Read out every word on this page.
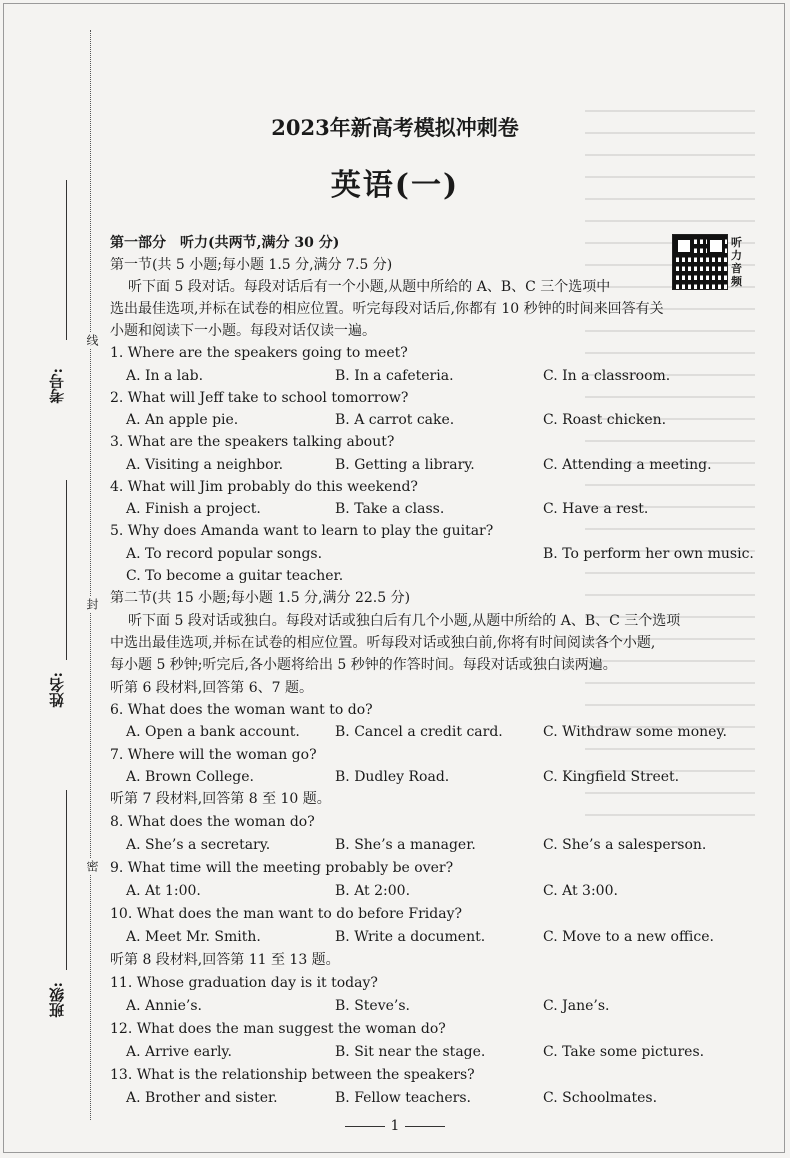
考号:
姓名:
班级:
线
封
密
2023年新高考模拟冲刺卷
英语(一)
听力音频
第一部分　听力(共两节,满分 30 分)
第一节(共 5 小题;每小题 1.5 分,满分 7.5 分)
听下面 5 段对话。每段对话后有一个小题,从题中所给的 A、B、C 三个选项中
选出最佳选项,并标在试卷的相应位置。听完每段对话后,你都有 10 秒钟的时间来回答有关
小题和阅读下一小题。每段对话仅读一遍。
1. Where are the speakers going to meet?
A. In a lab.	B. In a cafeteria.	C. In a classroom.
2. What will Jeff take to school tomorrow?
A. An apple pie.	B. A carrot cake.	C. Roast chicken.
3. What are the speakers talking about?
A. Visiting a neighbor.	B. Getting a library.	C. Attending a meeting.
4. What will Jim probably do this weekend?
A. Finish a project.	B. Take a class.	C. Have a rest.
5. Why does Amanda want to learn to play the guitar?
A. To record popular songs.	B. To perform her own music.
C. To become a guitar teacher.
第二节(共 15 小题;每小题 1.5 分,满分 22.5 分)
听下面 5 段对话或独白。每段对话或独白后有几个小题,从题中所给的 A、B、C 三个选项
中选出最佳选项,并标在试卷的相应位置。听每段对话或独白前,你将有时间阅读各个小题,
每小题 5 秒钟;听完后,各小题将给出 5 秒钟的作答时间。每段对话或独白读两遍。
听第 6 段材料,回答第 6、7 题。
6. What does the woman want to do?
A. Open a bank account.	B. Cancel a credit card.	C. Withdraw some money.
7. Where will the woman go?
A. Brown College.	B. Dudley Road.	C. Kingfield Street.
听第 7 段材料,回答第 8 至 10 题。
8. What does the woman do?
A. She’s a secretary.	B. She’s a manager.	C. She’s a salesperson.
9. What time will the meeting probably be over?
A. At 1:00.	B. At 2:00.	C. At 3:00.
10. What does the man want to do before Friday?
A. Meet Mr. Smith.	B. Write a document.	C. Move to a new office.
听第 8 段材料,回答第 11 至 13 题。
11. Whose graduation day is it today?
A. Annie’s.	B. Steve’s.	C. Jane’s.
12. What does the man suggest the woman do?
A. Arrive early.	B. Sit near the stage.	C. Take some pictures.
13. What is the relationship between the speakers?
A. Brother and sister.	B. Fellow teachers.	C. Schoolmates.
1
